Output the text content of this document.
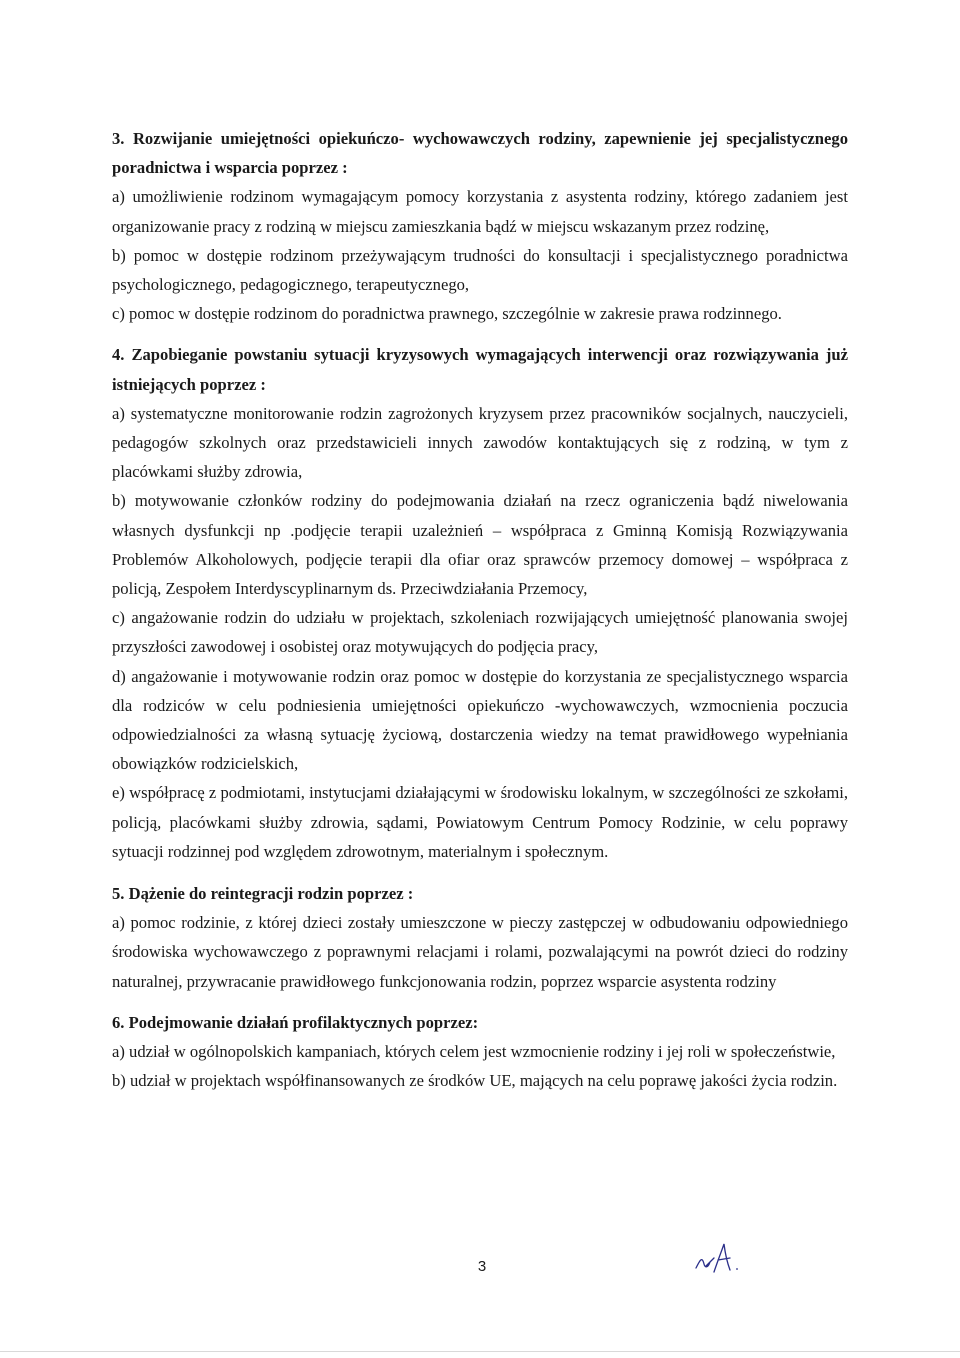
3. Rozwijanie umiejętności opiekuńczo- wychowawczych rodziny, zapewnienie jej specjalistycznego poradnictwa i wsparcia poprzez :

a) umożliwienie rodzinom wymagającym pomocy korzystania z asystenta rodziny, którego zadaniem jest organizowanie pracy z rodziną w miejscu zamieszkania bądź w miejscu wskazanym przez rodzinę,

b) pomoc w dostępie rodzinom przeżywającym trudności do konsultacji i specjalistycznego poradnictwa psychologicznego, pedagogicznego, terapeutycznego,

c) pomoc w dostępie rodzinom do poradnictwa prawnego, szczególnie w zakresie prawa rodzinnego.

4. Zapobieganie powstaniu sytuacji kryzysowych wymagających interwencji oraz rozwiązywania już istniejących poprzez :

a) systematyczne monitorowanie rodzin zagrożonych kryzysem przez pracowników socjalnych, nauczycieli, pedagogów szkolnych oraz przedstawicieli innych zawodów kontaktujących się z rodziną, w tym z placówkami służby zdrowia,

b) motywowanie członków rodziny do podejmowania działań na rzecz ograniczenia bądź niwelowania własnych dysfunkcji np .podjęcie terapii uzależnień – współpraca z Gminną Komisją Rozwiązywania Problemów Alkoholowych, podjęcie terapii dla ofiar oraz sprawców przemocy domowej – współpraca z policją, Zespołem Interdyscyplinarnym ds. Przeciwdziałania Przemocy,

c) angażowanie rodzin do udziału w projektach, szkoleniach rozwijających umiejętność planowania swojej przyszłości zawodowej i osobistej oraz motywujących do podjęcia pracy,

d) angażowanie i motywowanie rodzin oraz pomoc w dostępie do korzystania ze specjalistycznego wsparcia dla rodziców w celu podniesienia umiejętności opiekuńczo -wychowawczych, wzmocnienia poczucia odpowiedzialności za własną sytuację życiową, dostarczenia wiedzy na temat prawidłowego wypełniania obowiązków rodzicielskich,

e) współpracę z podmiotami, instytucjami działającymi w środowisku lokalnym, w szczególności ze szkołami, policją, placówkami służby zdrowia, sądami, Powiatowym Centrum Pomocy Rodzinie, w celu poprawy sytuacji rodzinnej pod względem zdrowotnym, materialnym i społecznym.

5. Dążenie do reintegracji rodzin poprzez :

a) pomoc rodzinie, z której dzieci zostały umieszczone w pieczy zastępczej w odbudowaniu odpowiedniego środowiska wychowawczego z poprawnymi relacjami i rolami, pozwalającymi na powrót dzieci do rodziny naturalnej, przywracanie prawidłowego funkcjonowania rodzin, poprzez wsparcie asystenta rodziny

6. Podejmowanie działań profilaktycznych poprzez:

a) udział w ogólnopolskich kampaniach, których celem jest wzmocnienie rodziny i jej roli w społeczeństwie,

b) udział w projektach współfinansowanych ze środków UE, mających na celu poprawę jakości życia rodzin.

3
